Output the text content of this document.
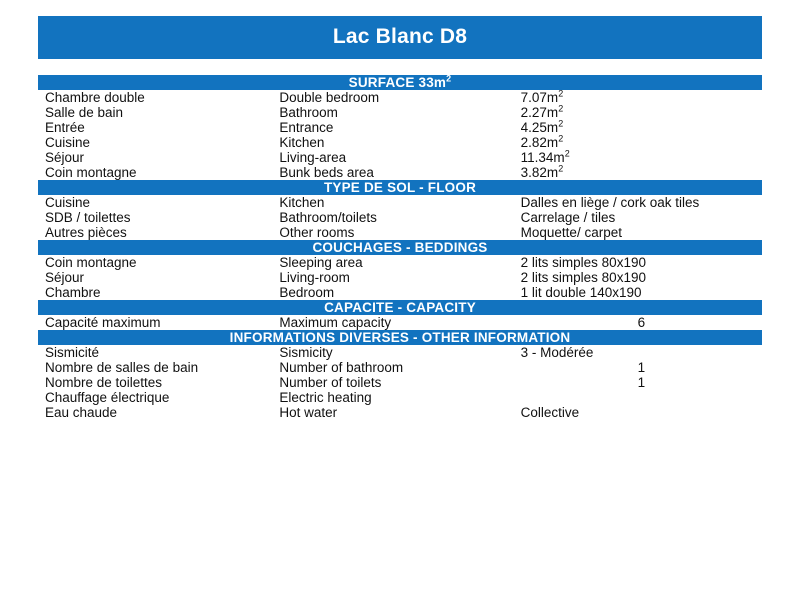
Lac Blanc D8
SURFACE $33m^2$
Chambre double	Double bedroom	$7.07m^2$
Salle de bain	Bathroom	$2.27m^2$
Entrée	Entrance	$4.25m^2$
Cuisine	Kitchen	$2.82m^2$
Séjour	Living-area	$11.34m^2$
Coin montagne	Bunk beds area	$3.82m^2$
TYPE DE SOL - FLOOR		
Cuisine	Kitchen	Dalles en liège / cork oak tiles
SDB / toilettes	Bathroom/toilets	Carrelage / tiles
Autres pièces	Other rooms	Moquette/ carpet
COUCHAGES - BEDDINGS		
Coin montagne	Sleeping area	2 lits simples 80x190
Séjour	Living-room	2 lits simples 80x190
Chambre	Bedroom	1 lit double 140x190
CAPACITE - CAPACITY		
Capacité maximum	Maximum capacity	6
INFORMATIONS DIVERSES - OTHER INFORMATION		
Sismicité	Sismicity	3 - Modérée
Nombre de salles de bain	Number of bathroom	1
Nombre de toilettes	Number of toilets	1
Chauffage électrique	Electric heating	
Eau chaude	Hot water	Collective
